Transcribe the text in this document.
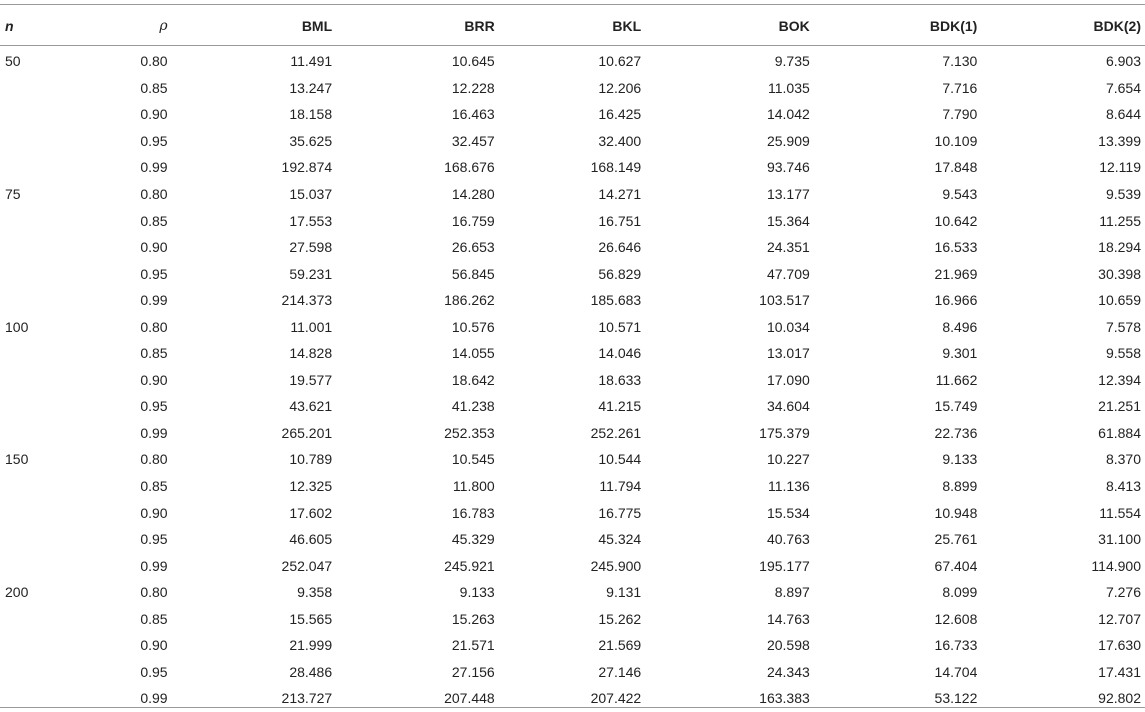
n	ρ	BML	BRR	BKL	BOK	BDK(1)	BDK(2)
50	0.80	11.491	10.645	10.627	9.735	7.130	6.903
	0.85	13.247	12.228	12.206	11.035	7.716	7.654
	0.90	18.158	16.463	16.425	14.042	7.790	8.644
	0.95	35.625	32.457	32.400	25.909	10.109	13.399
	0.99	192.874	168.676	168.149	93.746	17.848	12.119
75	0.80	15.037	14.280	14.271	13.177	9.543	9.539
	0.85	17.553	16.759	16.751	15.364	10.642	11.255
	0.90	27.598	26.653	26.646	24.351	16.533	18.294
	0.95	59.231	56.845	56.829	47.709	21.969	30.398
	0.99	214.373	186.262	185.683	103.517	16.966	10.659
100	0.80	11.001	10.576	10.571	10.034	8.496	7.578
	0.85	14.828	14.055	14.046	13.017	9.301	9.558
	0.90	19.577	18.642	18.633	17.090	11.662	12.394
	0.95	43.621	41.238	41.215	34.604	15.749	21.251
	0.99	265.201	252.353	252.261	175.379	22.736	61.884
150	0.80	10.789	10.545	10.544	10.227	9.133	8.370
	0.85	12.325	11.800	11.794	11.136	8.899	8.413
	0.90	17.602	16.783	16.775	15.534	10.948	11.554
	0.95	46.605	45.329	45.324	40.763	25.761	31.100
	0.99	252.047	245.921	245.900	195.177	67.404	114.900
200	0.80	9.358	9.133	9.131	8.897	8.099	7.276
	0.85	15.565	15.263	15.262	14.763	12.608	12.707
	0.90	21.999	21.571	21.569	20.598	16.733	17.630
	0.95	28.486	27.156	27.146	24.343	14.704	17.431
	0.99	213.727	207.448	207.422	163.383	53.122	92.802
